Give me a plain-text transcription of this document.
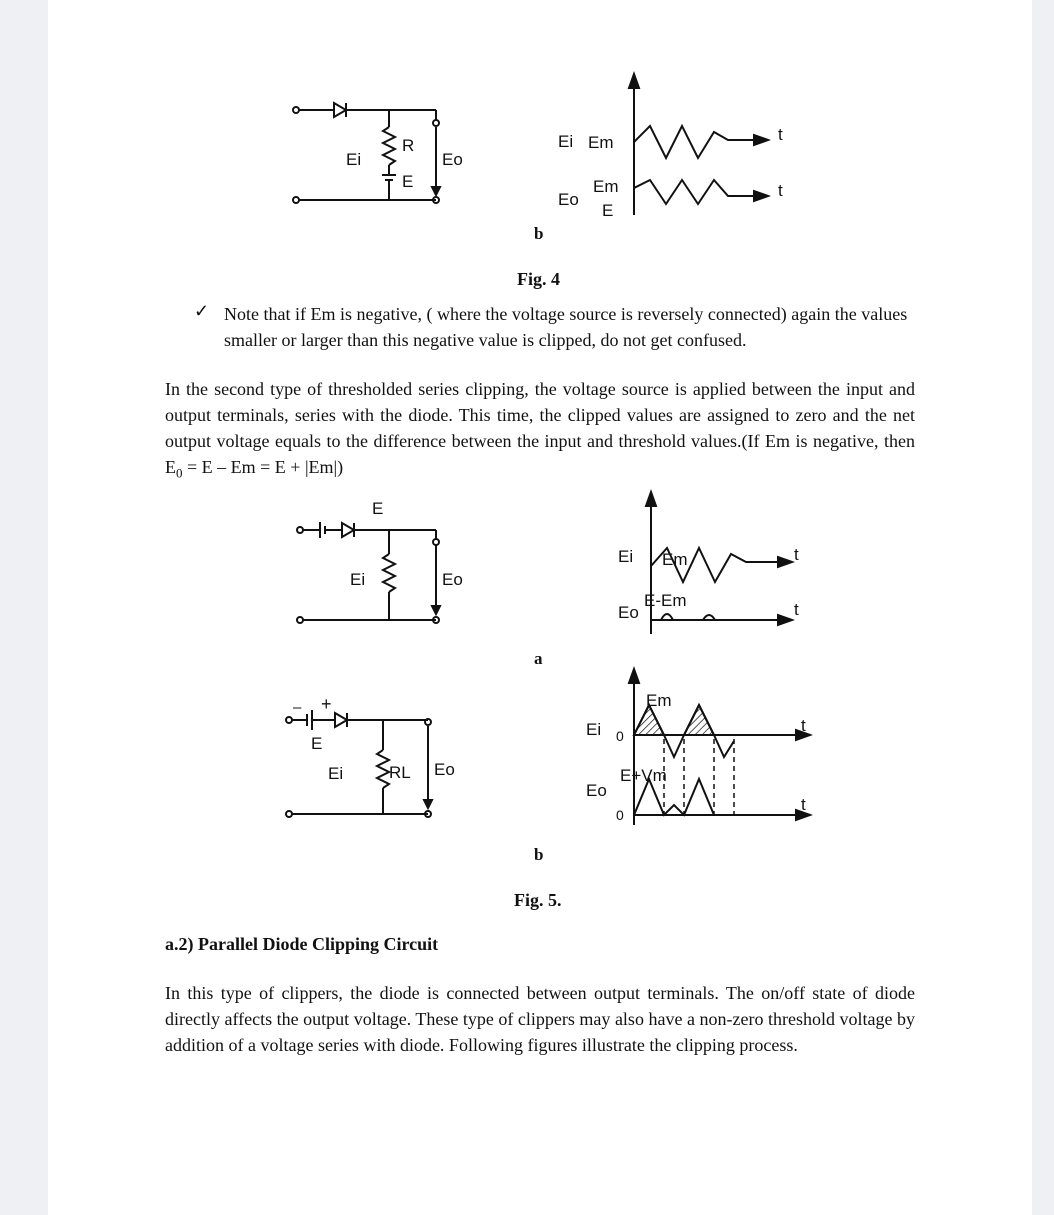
Ei
R
E
Eo
Ei Em	t
Eo
Em
E
t
b
Fig. 4
✓ Note that if Em is negative, ( where the voltage source is reversely connected) again the values smaller or larger than this negative value is clipped, do not get confused.
In the second type of thresholded series clipping, the voltage source is applied between the input and output terminals, series with the diode. This time, the clipped values are assigned to zero and the net output voltage equals to the difference between the input and threshold values.(If Em is negative, then $E_0 = E - Em = E + |Em|$)
E
Ei	Eo
Ei Em	t
Eo
E-Em	t
a
+
–
E
Ei	RL Eo
Em
Ei 0
t
E+Vm
Eo
0
t
b
Fig. 5.
a.2) Parallel Diode Clipping Circuit
In this type of clippers, the diode is connected between output terminals. The on/off state of diode directly affects the output voltage. These type of clippers may also have a non-zero threshold voltage by addition of a voltage series with diode. Following figures illustrate the clipping process.
